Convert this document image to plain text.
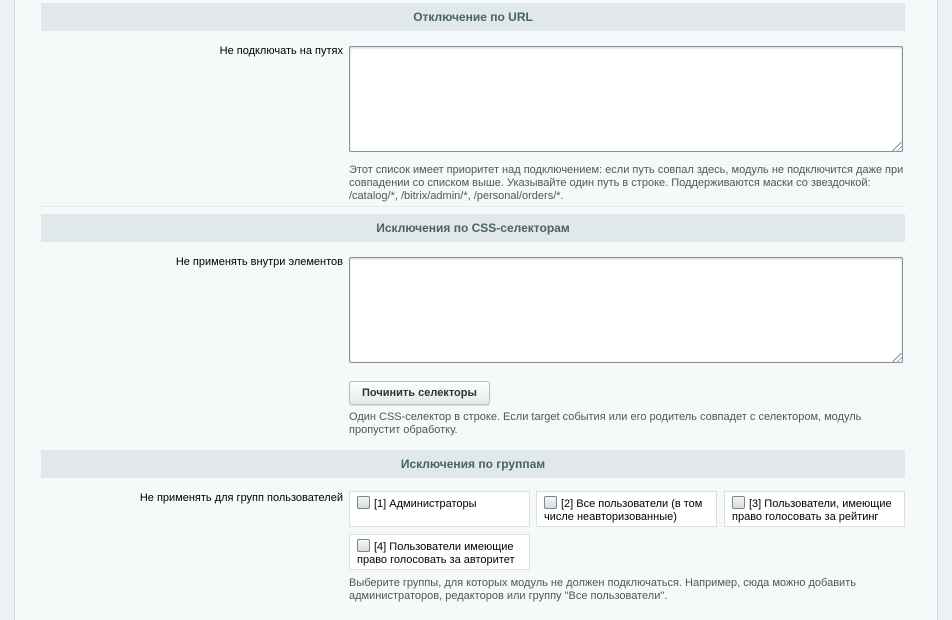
Отключение по URL
Не подключать на путях
Этот список имеет приоритет над подключением: если путь совпал здесь, модуль не подключится даже при совпадении со списком выше. Указывайте один путь в строке. Поддерживаются маски со звездочкой: /catalog/*, /bitrix/admin/*, /personal/orders/*.
Исключения по CSS-селекторам
Не применять внутри элементов
Починить селекторы
Один CSS-селектор в строке. Если target события или его родитель совпадет с селектором, модуль пропустит обработку.
Исключения по группам
Не применять для групп пользователей	[1] Администраторы	[2] Все пользователи (в том числе неавторизованные)
[3] Пользователи, имеющие право голосовать за рейтинг
[4] Пользователи имеющие право голосовать за авторитет
Выберите группы, для которых модуль не должен подключаться. Например, сюда можно добавить администраторов, редакторов или группу "Все пользователи".
